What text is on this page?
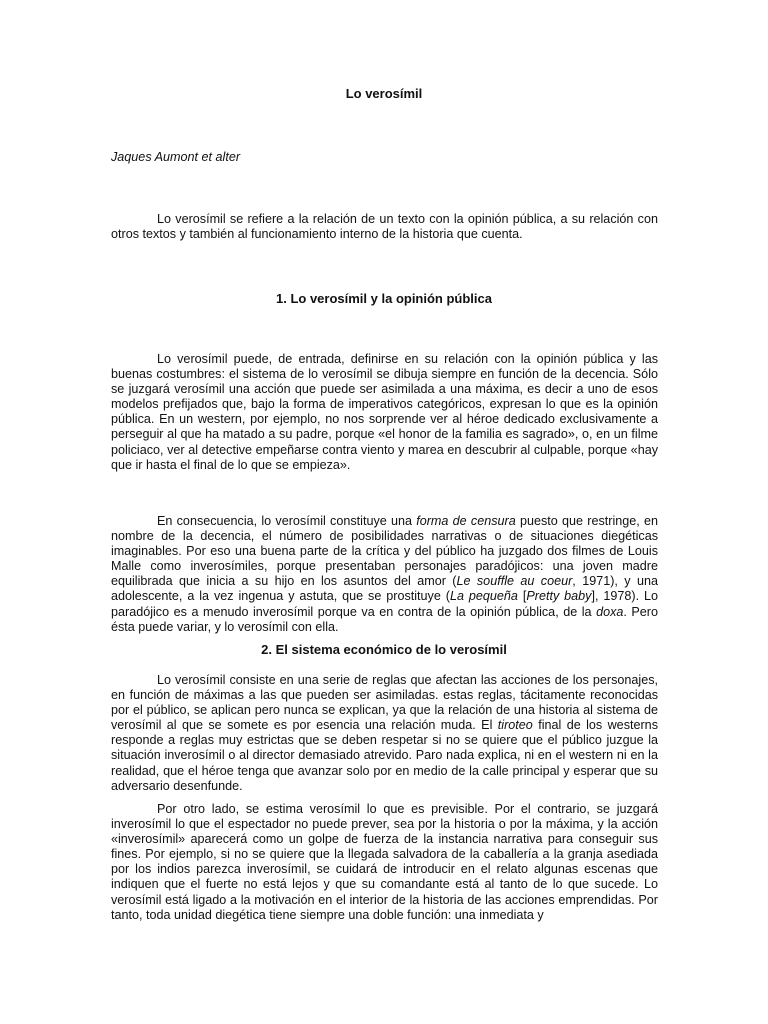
Lo verosímil
Jaques Aumont et alter

Lo verosímil se refiere a la relación de un texto con la opinión pública, a su relación con otros textos y también al funcionamiento interno de la historia que cuenta.

1. Lo verosímil y la opinión pública

Lo verosímil puede, de entrada, definirse en su relación con la opinión pública y las buenas costumbres: el sistema de lo verosímil se dibuja siempre en función de la decencia. Sólo se juzgará verosímil una acción que puede ser asimilada a una máxima, es decir a uno de esos modelos prefijados que, bajo la forma de imperativos categóricos, expresan lo que es la opinión pública. En un western, por ejemplo, no nos sorprende ver al héroe dedicado exclusivamente a perseguir al que ha matado a su padre, porque «el honor de la familia es sagrado», o, en un filme policiaco, ver al detective empeñarse contra viento y marea en descubrir al culpable, porque «hay que ir hasta el final de lo que se empieza».

En consecuencia, lo verosímil constituye una forma de censura puesto que restringe, en nombre de la decencia, el número de posibilidades narrativas o de situaciones diegéticas imaginables. Por eso una buena parte de la crítica y del público ha juzgado dos filmes de Louis Malle como inverosímiles, porque presentaban personajes paradójicos: una joven madre equilibrada que inicia a su hijo en los asuntos del amor (Le souffle au coeur, 1971), y una adolescente, a la vez ingenua y astuta, que se prostituye (La pequeña [Pretty baby], 1978). Lo paradójico es a menudo inverosímil porque va en contra de la opinión pública, de la doxa. Pero ésta puede variar, y lo verosímil con ella.

2. El sistema económico de lo verosímil

Lo verosímil consiste en una serie de reglas que afectan las acciones de los personajes, en función de máximas a las que pueden ser asimiladas. estas reglas, tácitamente reconocidas por el público, se aplican pero nunca se explican, ya que la relación de una historia al sistema de verosímil al que se somete es por esencia una relación muda. El tiroteo final de los westerns responde a reglas muy estrictas que se deben respetar si no se quiere que el público juzgue la situación inverosímil o al director demasiado atrevido. Paro nada explica, ni en el western ni en la realidad, que el héroe tenga que avanzar solo por en medio de la calle principal y esperar que su adversario desenfunde.

Por otro lado, se estima verosímil lo que es previsible. Por el contrario, se juzgará inverosímil lo que el espectador no puede prever, sea por la historia o por la máxima, y la acción «inverosímil» aparecerá como un golpe de fuerza de la instancia narrativa para conseguir sus fines. Por ejemplo, si no se quiere que la llegada salvadora de la caballería a la granja asediada por los indios parezca inverosímil, se cuidará de introducir en el relato algunas escenas que indiquen que el fuerte no está lejos y que su comandante está al tanto de lo que sucede. Lo verosímil está ligado a la motivación en el interior de la historia de las acciones emprendidas. Por tanto, toda unidad diegética tiene siempre una doble función: una inmediata y
